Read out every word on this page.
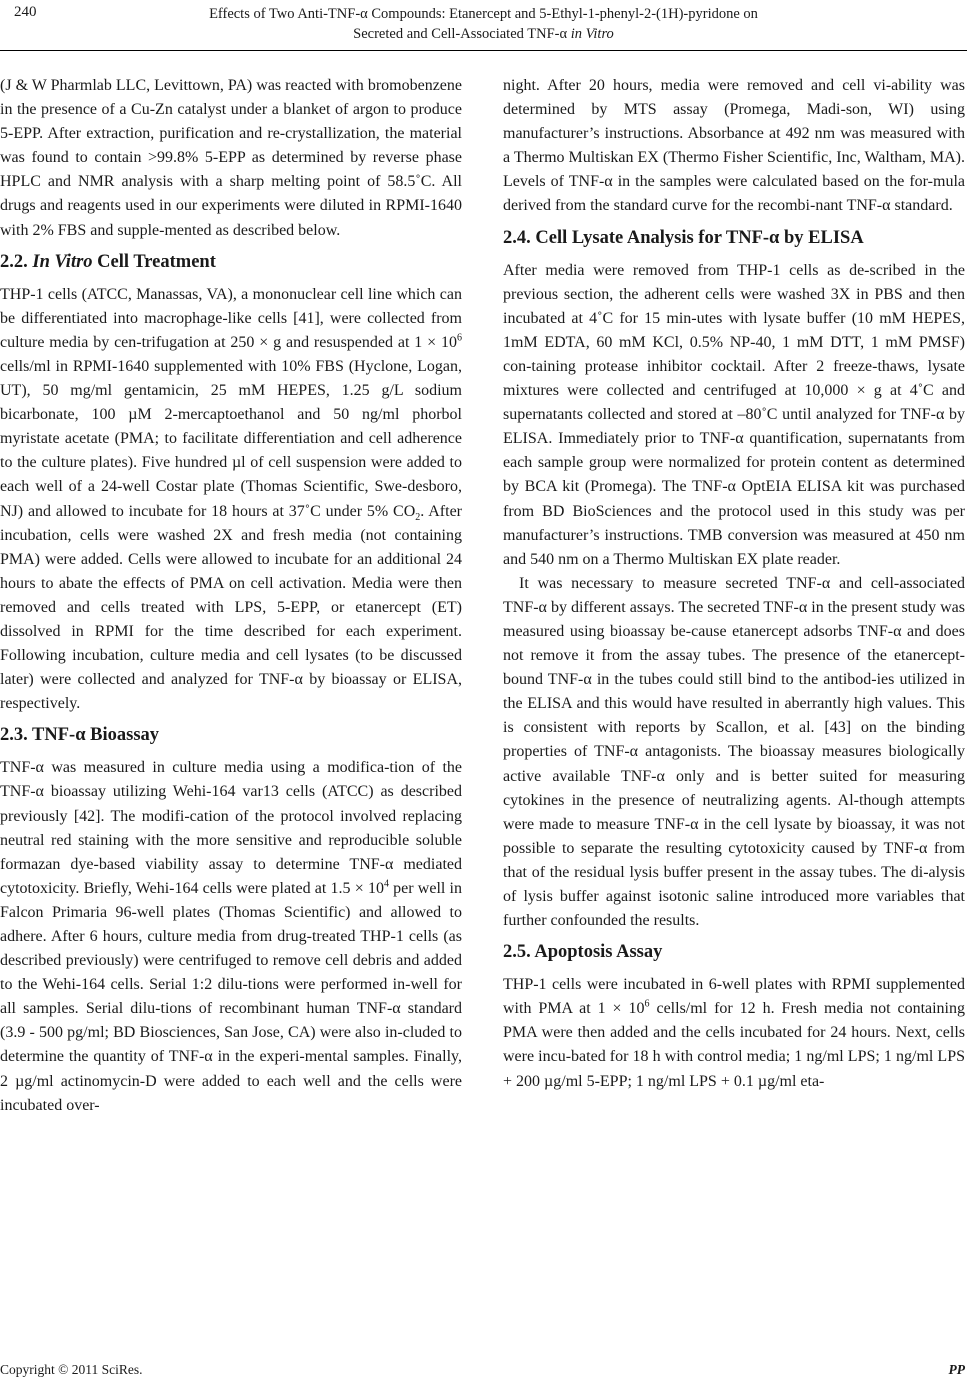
240	Effects of Two Anti-TNF-α Compounds: Etanercept and 5-Ethyl-1-phenyl-2-(1H)-pyridone on
Secreted and Cell-Associated TNF-α in Vitro

(J & W Pharmlab LLC, Levittown, PA) was reacted with bromobenzene in the presence of a Cu-Zn catalyst under a blanket of argon to produce 5-EPP. After extraction, purification and re-crystallization, the material was found to contain >99.8% 5-EPP as determined by reverse phase HPLC and NMR analysis with a sharp melting point of 58.5˚C. All drugs and reagents used in our experiments were diluted in RPMI-1640 with 2% FBS and supple-mented as described below.

2.2. In Vitro Cell Treatment

THP-1 cells (ATCC, Manassas, VA), a mononuclear cell line which can be differentiated into macrophage-like cells [41], were collected from culture media by cen-trifugation at 250 × g and resuspended at $1 \times 10^6$ cells/ml in RPMI-1640 supplemented with 10% FBS (Hyclone, Logan, UT), 50 mg/ml gentamicin, 25 mM HEPES, 1.25 g/L sodium bicarbonate, 100 µM 2-mercaptoethanol and 50 ng/ml phorbol myristate acetate (PMA; to facilitate differentiation and cell adherence to the culture plates). Five hundred µl of cell suspension were added to each well of a 24-well Costar plate (Thomas Scientific, Swe-desboro, NJ) and allowed to incubate for 18 hours at 37˚C under 5% $CO_2$. After incubation, cells were washed 2X and fresh media (not containing PMA) were added. Cells were allowed to incubate for an additional 24 hours to abate the effects of PMA on cell activation. Media were then removed and cells treated with LPS, 5-EPP, or etanercept (ET) dissolved in RPMI for the time described for each experiment. Following incubation, culture media and cell lysates (to be discussed later) were collected and analyzed for TNF-α by bioassay or ELISA, respectively.

2.3. TNF-α Bioassay

TNF-α was measured in culture media using a modifica-tion of the TNF-α bioassay utilizing Wehi-164 var13 cells (ATCC) as described previously [42]. The modifi-cation of the protocol involved replacing neutral red staining with the more sensitive and reproducible soluble formazan dye-based viability assay to determine TNF-α mediated cytotoxicity. Briefly, Wehi-164 cells were plated at $1.5 \times 10^4$ per well in Falcon Primaria 96-well plates (Thomas Scientific) and allowed to adhere. After 6 hours, culture media from drug-treated THP-1 cells (as described previously) were centrifuged to remove cell debris and added to the Wehi-164 cells. Serial 1:2 dilu-tions were performed in-well for all samples. Serial dilu-tions of recombinant human TNF-α standard (3.9 - 500 pg/ml; BD Biosciences, San Jose, CA) were also in-cluded to determine the quantity of TNF-α in the experi-mental samples. Finally, 2 µg/ml actinomycin-D were added to each well and the cells were incubated over-

night. After 20 hours, media were removed and cell vi-ability was determined by MTS assay (Promega, Madi-son, WI) using manufacturer’s instructions. Absorbance at 492 nm was measured with a Thermo Multiskan EX (Thermo Fisher Scientific, Inc, Waltham, MA). Levels of TNF-α in the samples were calculated based on the for-mula derived from the standard curve for the recombi-nant TNF-α standard.

2.4. Cell Lysate Analysis for TNF-α by ELISA

After media were removed from THP-1 cells as de-scribed in the previous section, the adherent cells were washed 3X in PBS and then incubated at 4˚C for 15 min-utes with lysate buffer (10 mM HEPES, 1mM EDTA, 60 mM KCl, 0.5% NP-40, 1 mM DTT, 1 mM PMSF) con-taining protease inhibitor cocktail. After 2 freeze-thaws, lysate mixtures were collected and centrifuged at 10,000 × g at 4˚C and supernatants collected and stored at –80˚C until analyzed for TNF-α by ELISA. Immediately prior to TNF-α quantification, supernatants from each sample group were normalized for protein content as determined by BCA kit (Promega). The TNF-α OptEIA ELISA kit was purchased from BD BioSciences and the protocol used in this study was per manufacturer’s instructions. TMB conversion was measured at 450 nm and 540 nm on a Thermo Multiskan EX plate reader.

It was necessary to measure secreted TNF-α and cell-associated TNF-α by different assays. The secreted TNF-α in the present study was measured using bioassay be-cause etanercept adsorbs TNF-α and does not remove it from the assay tubes. The presence of the etanercept-bound TNF-α in the tubes could still bind to the antibod-ies utilized in the ELISA and this would have resulted in aberrantly high values. This is consistent with reports by Scallon, et al. [43] on the binding properties of TNF-α antagonists. The bioassay measures biologically active available TNF-α only and is better suited for measuring cytokines in the presence of neutralizing agents. Al-though attempts were made to measure TNF-α in the cell lysate by bioassay, it was not possible to separate the resulting cytotoxicity caused by TNF-α from that of the residual lysis buffer present in the assay tubes. The di-alysis of lysis buffer against isotonic saline introduced more variables that further confounded the results.

2.5. Apoptosis Assay

THP-1 cells were incubated in 6-well plates with RPMI supplemented with PMA at $1 \times 10^6$ cells/ml for 12 h. Fresh media not containing PMA were then added and the cells incubated for 24 hours. Next, cells were incu-bated for 18 h with control media; 1 ng/ml LPS; 1 ng/ml LPS + 200 µg/ml 5-EPP; 1 ng/ml LPS + 0.1 µg/ml eta-

Copyright © 2011 SciRes.	PP
